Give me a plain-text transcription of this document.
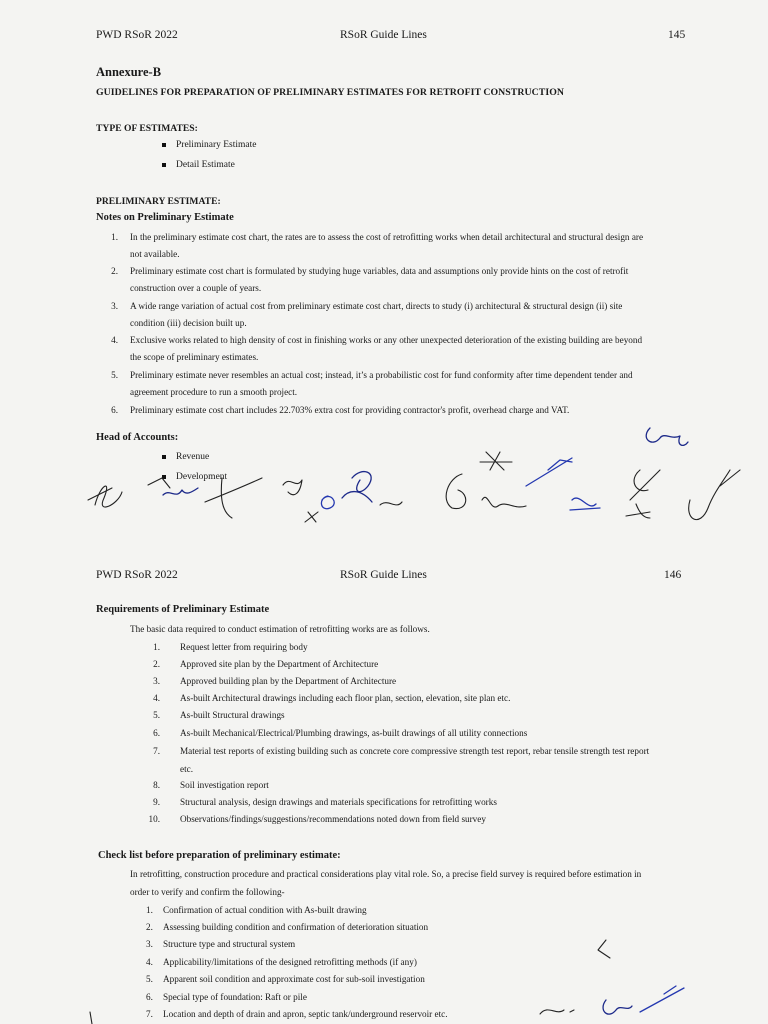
PWD RSoR 2022	RSoR Guide Lines	145
Annexure-B
GUIDELINES FOR PREPARATION OF PRELIMINARY ESTIMATES FOR RETROFIT CONSTRUCTION
TYPE OF ESTIMATES:
Preliminary Estimate
Detail Estimate
PRELIMINARY ESTIMATE:
Notes on Preliminary Estimate
1. In the preliminary estimate cost chart, the rates are to assess the cost of retrofitting works when detail architectural and structural design are
not available.
2. Preliminary estimate cost chart is formulated by studying huge variables, data and assumptions only provide hints on the cost of retrofit
construction over a couple of years.
3. A wide range variation of actual cost from preliminary estimate cost chart, directs to study (i) architectural & structural design (ii) site
condition (iii) decision built up.
4. Exclusive works related to high density of cost in finishing works or any other unexpected deterioration of the existing building are beyond
the scope of preliminary estimates.
5. Preliminary estimate never resembles an actual cost; instead, it’s a probabilistic cost for fund conformity after time dependent tender and
agreement procedure to run a smooth project.
6. Preliminary estimate cost chart includes 22.703% extra cost for providing contractor's profit, overhead charge and VAT.
Head of Accounts:
Revenue
Development
PWD RSoR 2022	RSoR Guide Lines	146
Requirements of Preliminary Estimate
The basic data required to conduct estimation of retrofitting works are as follows.
1. Request letter from requiring body
2. Approved site plan by the Department of Architecture
3. Approved building plan by the Department of Architecture
4. As-built Architectural drawings including each floor plan, section, elevation, site plan etc.
5. As-built Structural drawings
6. As-built Mechanical/Electrical/Plumbing drawings, as-built drawings of all utility connections
7. Material test reports of existing building such as concrete core compressive strength test report, rebar tensile strength test report
etc.
8. Soil investigation report
9. Structural analysis, design drawings and materials specifications for retrofitting works
10. Observations/findings/suggestions/recommendations noted down from field survey
Check list before preparation of preliminary estimate:
In retrofitting, construction procedure and practical considerations play vital role. So, a precise field survey is required before estimation in
order to verify and confirm the following-
1. Confirmation of actual condition with As-built drawing
2. Assessing building condition and confirmation of deterioration situation
3. Structure type and structural system
4. Applicability/limitations of the designed retrofitting methods (if any)
5. Apparent soil condition and approximate cost for sub-soil investigation
6. Special type of foundation: Raft or pile
7. Location and depth of drain and apron, septic tank/underground reservoir etc.
